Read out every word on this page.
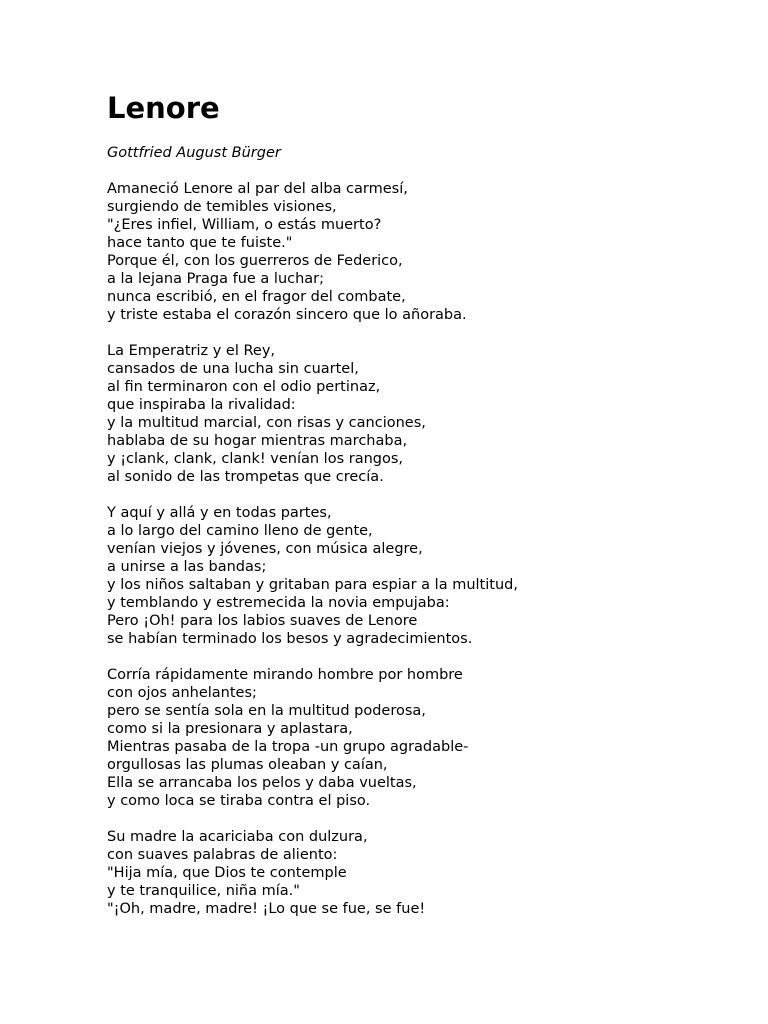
Lenore
Gottfried August Bürger
Amaneció Lenore al par del alba carmesí,
surgiendo de temibles visiones,
"¿Eres infiel, William, o estás muerto?
hace tanto que te fuiste."
Porque él, con los guerreros de Federico,
a la lejana Praga fue a luchar;
nunca escribió, en el fragor del combate,
y triste estaba el corazón sincero que lo añoraba.
La Emperatriz y el Rey,
cansados de una lucha sin cuartel,
al fin terminaron con el odio pertinaz,
que inspiraba la rivalidad:
y la multitud marcial, con risas y canciones,
hablaba de su hogar mientras marchaba,
y ¡clank, clank, clank! venían los rangos,
al sonido de las trompetas que crecía.
Y aquí y allá y en todas partes,
a lo largo del camino lleno de gente,
venían viejos y jóvenes, con música alegre,
a unirse a las bandas;
y los niños saltaban y gritaban para espiar a la multitud,
y temblando y estremecida la novia empujaba:
Pero ¡Oh! para los labios suaves de Lenore
se habían terminado los besos y agradecimientos.
Corría rápidamente mirando hombre por hombre
con ojos anhelantes;
pero se sentía sola en la multitud poderosa,
como si la presionara y aplastara,
Mientras pasaba de la tropa -un grupo agradable-
orgullosas las plumas oleaban y caían,
Ella se arrancaba los pelos y daba vueltas,
y como loca se tiraba contra el piso.
Su madre la acariciaba con dulzura,
con suaves palabras de aliento:
"Hija mía, que Dios te contemple
y te tranquilice, niña mía."
"¡Oh, madre, madre! ¡Lo que se fue, se fue!
